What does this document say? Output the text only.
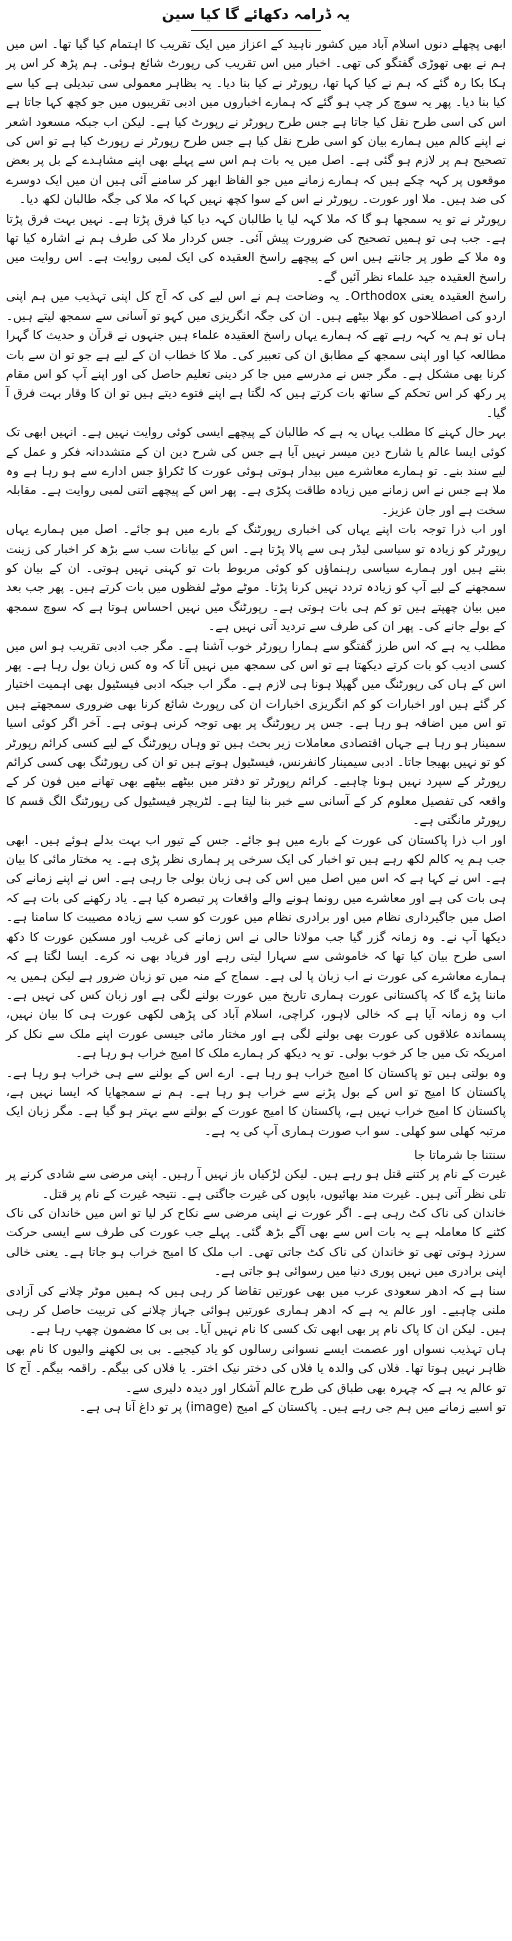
یہ ڈرامہ دکھائے گا کیا سین

ابھی پچھلے دنوں اسلام آباد میں کشور ناہید کے اعزاز میں ایک تقریب کا اہتمام کیا گیا تھا۔ اس میں ہم نے بھی تھوڑی گفتگو کی تھی۔ اخبار میں اس تقریب کی رپورٹ شائع ہوئی۔ ہم پڑھ کر اس پر ہکا بکا رہ گئے کہ ہم نے کیا کہا تھا، رپورٹر نے کیا بنا دیا۔ یہ بظاہر معمولی سی تبدیلی ہے کیا سے کیا بنا دیا۔ پھر یہ سوچ کر چپ ہو گئے کہ ہمارے اخباروں میں ادبی تقریبوں میں جو کچھ کہا جاتا ہے اس کی اسی طرح نقل کیا جاتا ہے جس طرح رپورٹر نے رپورٹ کیا ہے۔ لیکن اب جبکہ مسعود اشعر نے اپنے کالم میں ہمارے بیان کو اسی طرح نقل کیا ہے جس طرح رپورٹر نے رپورٹ کیا ہے تو اس کی تصحیح ہم پر لازم ہو گئی ہے۔ اصل میں یہ بات ہم اس سے پہلے بھی اپنے مشاہدے کے بل پر بعض موقعوں پر کہہ چکے ہیں کہ ہمارے زمانے میں جو الفاظ ابھر کر سامنے آئی ہیں ان میں ایک دوسرے کی ضد ہیں۔ ملا اور عورت۔ رپورٹر نے اس کے سوا کچھ نہیں کہا کہ ملا کی جگہ طالبان لکھ دیا۔

رپورٹر نے تو یہ سمجھا ہو گا کہ ملا کہہ لیا یا طالبان کہہ دیا کیا فرق پڑتا ہے۔ نہیں بہت فرق پڑتا ہے۔ جب ہی تو ہمیں تصحیح کی ضرورت پیش آئی۔ جس کردار ملا کی طرف ہم نے اشارہ کیا تھا وہ ملا کے طور پر جانتے ہیں اس کے پیچھے راسخ العقیدہ کی ایک لمبی روایت ہے۔ اس روایت میں راسخ العقیدہ جید علماء نظر آئیں گے۔

راسخ العقیدہ یعنی Orthodox۔ یہ وضاحت ہم نے اس لیے کی کہ آج کل اپنی تہذیب میں ہم اپنی اردو کی اصطلاحوں کو بھلا بیٹھے ہیں۔ ان کی جگہ انگریزی میں کہو تو آسانی سے سمجھ لیتے ہیں۔ ہاں تو ہم یہ کہہ رہے تھے کہ ہمارے یہاں راسخ العقیدہ علماء ہیں جنہوں نے قرآن و حدیث کا گہرا مطالعہ کیا اور اپنی سمجھ کے مطابق ان کی تعبیر کی۔ ملا کا خطاب ان کے لیے ہے جو تو ان سے بات کرنا بھی مشکل ہے۔ مگر جس نے مدرسے میں جا کر دینی تعلیم حاصل کی اور اپنے آپ کو اس مقام پر رکھ کر اس تحکم کے ساتھ بات کرتے ہیں کہ لگتا ہے اپنے فتوے دیتے ہیں تو ان کا وقار بہت فرق آ گیا۔

بہر حال کہنے کا مطلب یہاں یہ ہے کہ طالبان کے پیچھے ایسی کوئی روایت نہیں ہے۔ انہیں ابھی تک کوئی ایسا عالم یا شارح دین میسر نہیں آیا ہے جس کی شرح دین ان کے متشددانہ فکر و عمل کے لیے سند بنے۔ تو ہمارے معاشرے میں بیدار ہوتی ہوئی عورت کا ٹکراؤ جس ادارے سے ہو رہا ہے وہ ملا ہے جس نے اس زمانے میں زیادہ طاقت پکڑی ہے۔ پھر اس کے پیچھے اتنی لمبی روایت ہے۔ مقابلہ سخت ہے اور جان عزیز۔

اور اب ذرا توجہ بات اپنے یہاں کی اخباری رپورٹنگ کے بارے میں ہو جائے۔ اصل میں ہمارے یہاں رپورٹر کو زیادہ تو سیاسی لیڈر ہی سے پالا پڑتا ہے۔ اس کے بیانات سب سے بڑھ کر اخبار کی زینت بنتے ہیں اور ہمارے سیاسی رہنماؤں کو کوئی مربوط بات تو کہنی نہیں ہوتی۔ ان کے بیان کو سمجھنے کے لیے آپ کو زیادہ تردد نہیں کرنا پڑتا۔ موٹے موٹے لفظوں میں بات کرتے ہیں۔ پھر جب بعد میں بیان چھپتے ہیں تو کم ہی بات ہوتی ہے۔ رپورٹنگ میں نہیں احساس ہوتا ہے کہ سوچ سمجھ کے بولے جانے کی۔ پھر ان کی طرف سے تردید آتی نہیں ہے۔

مطلب یہ ہے کہ اس طرز گفتگو سے ہمارا رپورٹر خوب آشنا ہے۔ مگر جب ادبی تقریب ہو اس میں کسی ادیب کو بات کرتے دیکھتا ہے تو اس کی سمجھ میں نہیں آتا کہ وہ کس زبان بول رہا ہے۔ پھر اس کے ہاں کی رپورٹنگ میں گھپلا ہونا ہی لازم ہے۔ مگر اب جبکہ ادبی فیسٹیول بھی اہمیت اختیار کر گئے ہیں اور اخبارات کو کم انگریزی اخبارات ان کی رپورٹ شائع کرنا بھی ضروری سمجھتے ہیں تو اس میں اضافہ ہو رہا ہے۔ جس پر رپورٹنگ پر بھی توجہ کرنی ہوتی ہے۔ آخر اگر کوئی اسیا سمینار ہو رہا ہے جہاں اقتصادی معاملات زیر بحث ہیں تو وہاں رپورٹنگ کے لیے کسی کرائم رپورٹر کو تو نہیں بھیجا جاتا۔ ادبی سیمینار کانفرنس، فیسٹیول ہوتے ہیں تو ان کی رپورٹنگ بھی کسی کرائم رپورٹر کے سپرد نہیں ہونا چاہیے۔ کرائم رپورٹر تو دفتر میں بیٹھے بیٹھے بھی تھانے میں فون کر کے واقعہ کی تفصیل معلوم کر کے آسانی سے خبر بنا لیتا ہے۔ لٹریچر فیسٹیول کی رپورٹنگ الگ قسم کا رپورٹر مانگتی ہے۔

اور اب ذرا پاکستان کی عورت کے بارے میں ہو جائے۔ جس کے تیور اب بہت بدلے ہوئے ہیں۔ ابھی جب ہم یہ کالم لکھ رہے ہیں تو اخبار کی ایک سرخی پر ہماری نظر پڑی ہے۔ یہ مختار مائی کا بیان ہے۔ اس نے کہا ہے کہ اس میں اصل میں اس کی ہی زبان بولی جا رہی ہے۔ اس نے اپنے زمانے کی ہی بات کی ہے اور معاشرے میں رونما ہونے والے واقعات پر تبصرہ کیا ہے۔ یاد رکھنے کی بات ہے کہ اصل میں جاگیرداری نظام میں اور برادری نظام میں عورت کو سب سے زیادہ مصیبت کا سامنا ہے۔ دیکھا آپ نے۔ وہ زمانہ گزر گیا جب مولانا حالی نے اس زمانے کی غریب اور مسکین عورت کا دکھ اسی طرح بیان کیا تھا کہ خاموشی سے سہارا لیتی رہے اور فریاد بھی نہ کرے۔ ایسا لگتا ہے کہ ہمارے معاشرے کی عورت نے اب زبان پا لی ہے۔ سماج کے منہ میں تو زبان ضرور ہے لیکن ہمیں یہ ماننا پڑے گا کہ پاکستانی عورت ہماری تاریخ میں عورت بولنے لگی ہے اور زبان کس کی نہیں ہے۔ اب وہ زمانہ آیا ہے کہ خالی لاہور، کراچی، اسلام آباد کی پڑھی لکھی عورت ہی کا بیان نہیں، پسماندہ علاقوں کی عورت بھی بولنے لگی ہے اور مختار مائی جیسی عورت اپنے ملک سے نکل کر امریکہ تک میں جا کر خوب بولی۔ تو یہ دیکھ کر ہمارے ملک کا امیج خراب ہو رہا ہے۔

وہ بولتی ہیں تو پاکستان کا امیج خراب ہو رہا ہے۔ ارے اس کے بولنے سے ہی خراب ہو رہا ہے۔ پاکستان کا امیج تو اس کے بول پڑنے سے خراب ہو رہا ہے۔ ہم نے سمجھایا کہ ایسا نہیں ہے، پاکستان کا امیج خراب نہیں ہے، پاکستان کا امیج عورت کے بولنے سے بہتر ہو گیا ہے۔ مگر زبان ایک مرتبہ کھلی سو کھلی۔ سو اب صورت ہماری آپ کی یہ ہے۔

سنتنا جا شرماتا جا

غیرت کے نام پر کتنے قتل ہو رہے ہیں۔ لیکن لڑکیاں باز نہیں آ رہیں۔ اپنی مرضی سے شادی کرنے پر تلی نظر آتی ہیں۔ غیرت مند بھائیوں، باپوں کی غیرت جاگتی ہے۔ نتیجہ غیرت کے نام پر قتل۔

خاندان کی ناک کٹ رہی ہے۔ اگر عورت نے اپنی مرضی سے نکاح کر لیا تو اس میں خاندان کی ناک کٹنے کا معاملہ ہے یہ بات اس سے بھی آگے بڑھ گئی۔ پہلے جب عورت کی طرف سے ایسی حرکت سرزد ہوتی تھی تو خاندان کی ناک کٹ جاتی تھی۔ اب ملک کا امیج خراب ہو جاتا ہے۔ یعنی خالی اپنی برادری میں نہیں پوری دنیا میں رسوائی ہو جاتی ہے۔

سنا ہے کہ ادھر سعودی عرب میں بھی عورتیں تقاضا کر رہی ہیں کہ ہمیں موٹر چلانے کی آزادی ملنی چاہیے۔ اور عالم یہ ہے کہ ادھر ہماری عورتیں ہوائی جہاز چلانے کی تربیت حاصل کر رہی ہیں۔ لیکن ان کا پاک نام پر بھی ابھی تک کسی کا نام نہیں آیا۔ بی بی کا مضمون چھپ رہا ہے۔

ہاں تہذیب نسواں اور عصمت ایسے نسوانی رسالوں کو یاد کیجیے۔ بی بی لکھنے والیوں کا نام بھی ظاہر نہیں ہوتا تھا۔ فلاں کی والدہ یا فلاں کی دختر نیک اختر۔ یا فلاں کی بیگم۔ راقمہ بیگم۔ آج کا تو عالم یہ ہے کہ چہرہ بھی طباق کی طرح عالم آشکار اور دیدہ دلیری سے۔

تو اسیے زمانے میں ہم جی رہے ہیں۔ پاکستان کے امیج (image) پر تو داغ آنا ہی ہے۔
